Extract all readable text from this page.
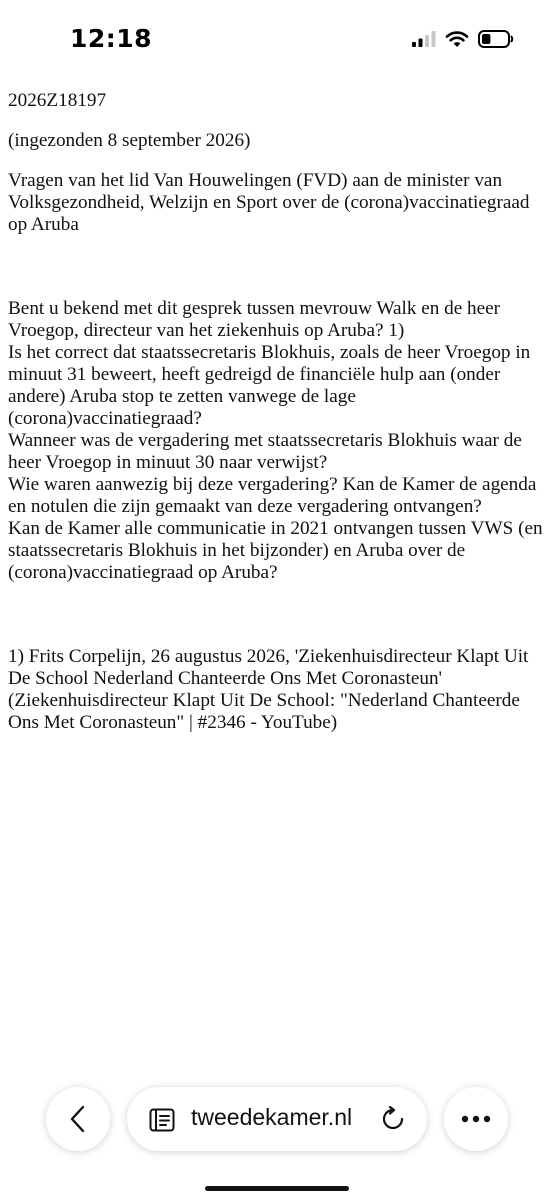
12:18

2026Z18197

(ingezonden 8 september 2026)

Vragen van het lid Van Houwelingen (FVD) aan de minister van Volksgezondheid, Welzijn en Sport over de (corona)vaccinatiegraad op Aruba

Bent u bekend met dit gesprek tussen mevrouw Walk en de heer Vroegop, directeur van het ziekenhuis op Aruba? 1)

Is het correct dat staatssecretaris Blokhuis, zoals de heer Vroegop in minuut 31 beweert, heeft gedreigd de financiële hulp aan (onder andere) Aruba stop te zetten vanwege de lage (corona)vaccinatiegraad?

Wanneer was de vergadering met staatssecretaris Blokhuis waar de heer Vroegop in minuut 30 naar verwijst?

Wie waren aanwezig bij deze vergadering? Kan de Kamer de agenda en notulen die zijn gemaakt van deze vergadering ontvangen?

Kan de Kamer alle communicatie in 2021 ontvangen tussen VWS (en staatssecretaris Blokhuis in het bijzonder) en Aruba over de (corona)vaccinatiegraad op Aruba?

1) Frits Corpelijn, 26 augustus 2026, 'Ziekenhuisdirecteur Klapt Uit De School Nederland Chanteerde Ons Met Coronasteun' (Ziekenhuisdirecteur Klapt Uit De School: "Nederland Chanteerde Ons Met Coronasteun" | #2346 - YouTube)

tweedekamer.nl
